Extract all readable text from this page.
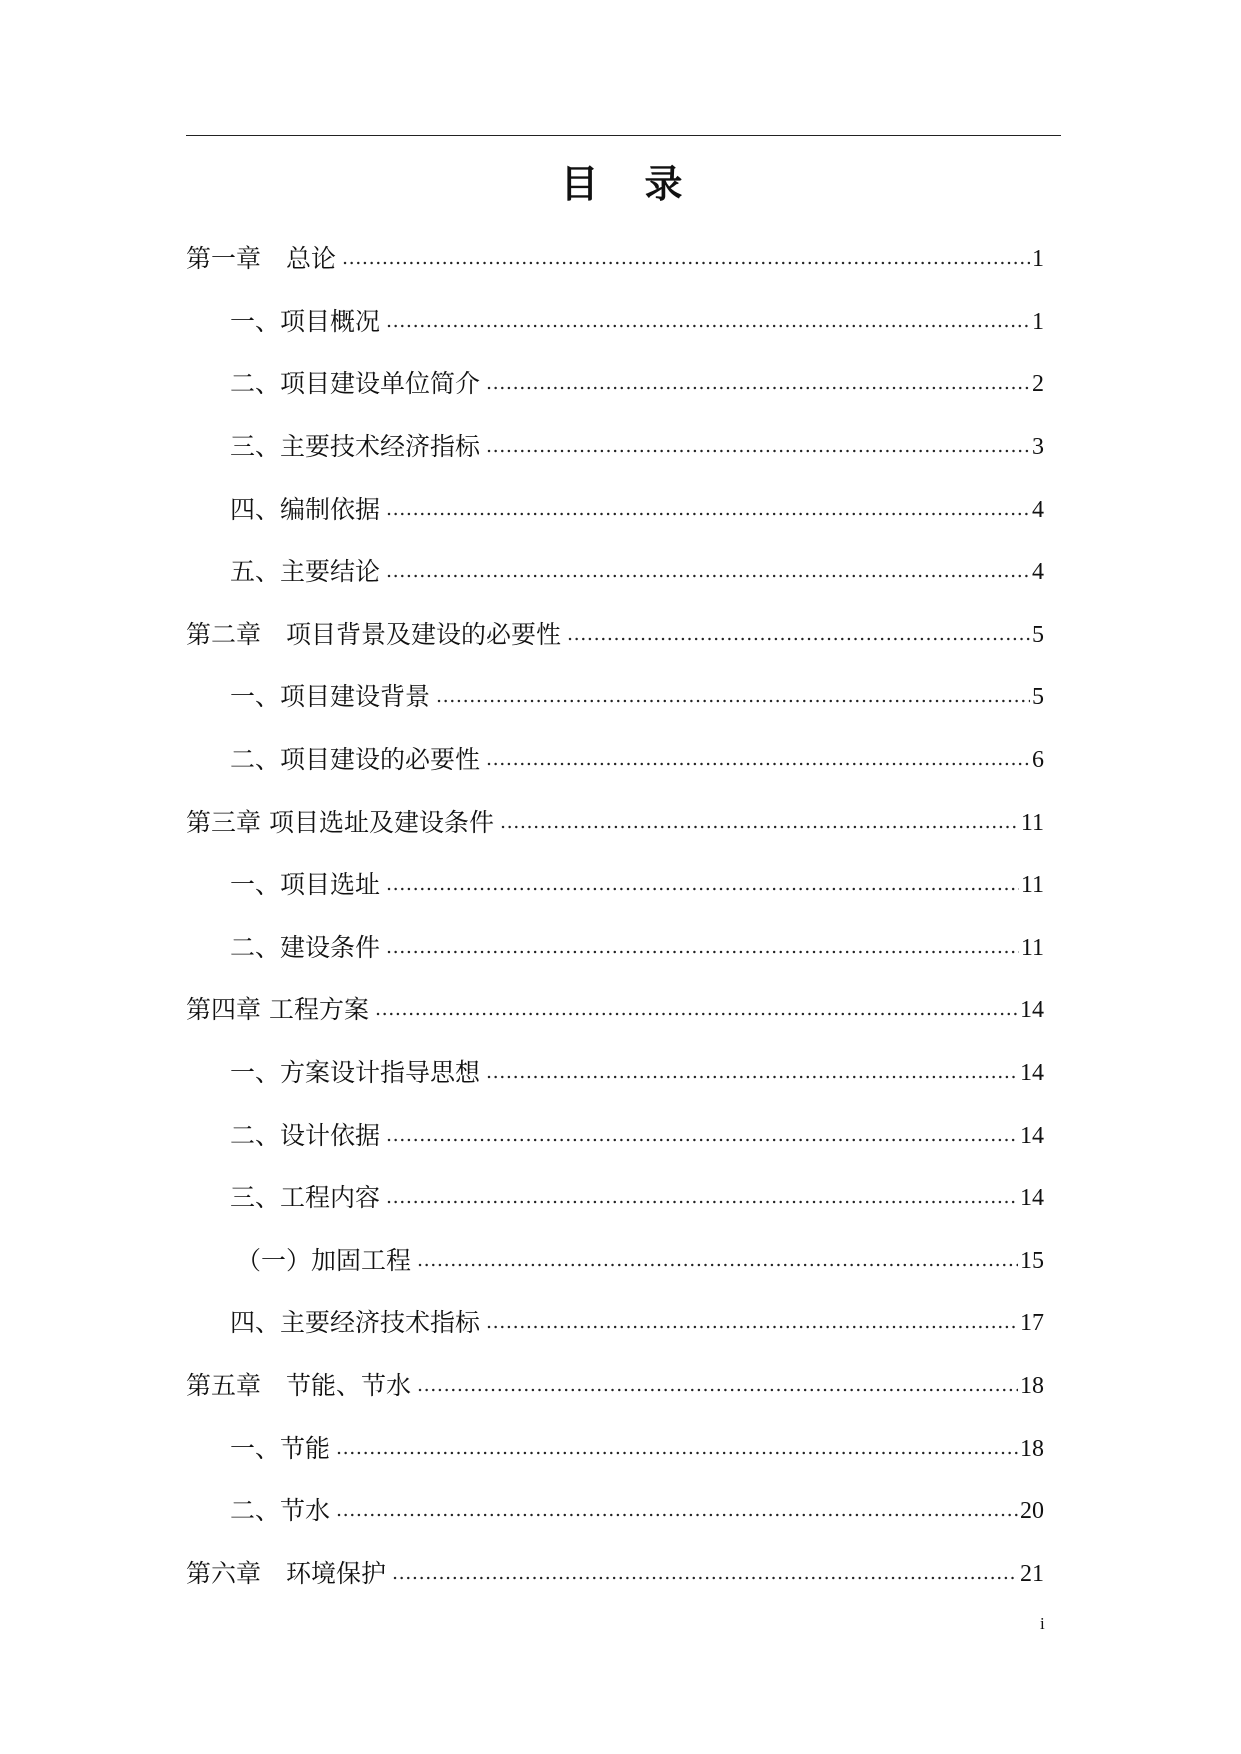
目　录
第一章　总论 .....	1
一、项目概况 .....	1
二、项目建设单位简介 .....	2
三、主要技术经济指标 .....	3
四、编制依据 .....	4
五、主要结论 .....	4
第二章　项目背景及建设的必要性 .....	5
一、项目建设背景 .....	5
二、项目建设的必要性 .....	6
第三章 项目选址及建设条件 .....	11
一、项目选址 .....	11
二、建设条件 .....	11
第四章 工程方案 .....	14
一、方案设计指导思想 .....	14
二、设计依据 .....	14
三、工程内容 .....	14
（一）加固工程 .....	15
四、主要经济技术指标 .....	17
第五章　节能、节水 .....	18
一、节能 .....	18
二、节水 .....	20
第六章　环境保护 .....	21
i
